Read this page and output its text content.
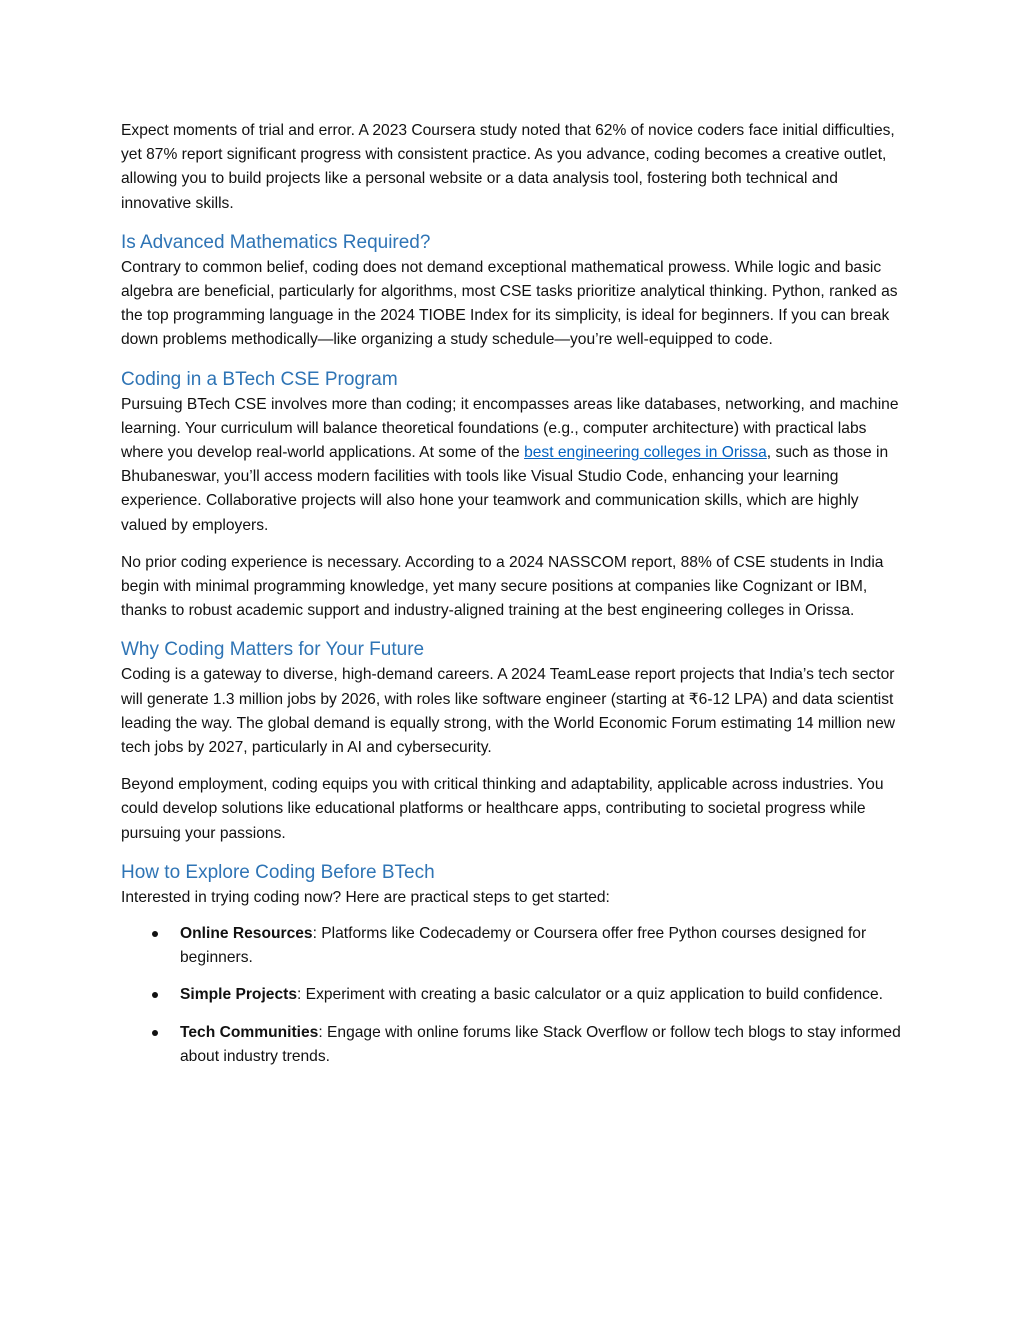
Expect moments of trial and error. A 2023 Coursera study noted that 62% of novice coders face initial difficulties, yet 87% report significant progress with consistent practice. As you advance, coding becomes a creative outlet, allowing you to build projects like a personal website or a data analysis tool, fostering both technical and innovative skills.

Is Advanced Mathematics Required?

Contrary to common belief, coding does not demand exceptional mathematical prowess. While logic and basic algebra are beneficial, particularly for algorithms, most CSE tasks prioritize analytical thinking. Python, ranked as the top programming language in the 2024 TIOBE Index for its simplicity, is ideal for beginners. If you can break down problems methodically—like organizing a study schedule—you’re well-equipped to code.

Coding in a BTech CSE Program

Pursuing BTech CSE involves more than coding; it encompasses areas like databases, networking, and machine learning. Your curriculum will balance theoretical foundations (e.g., computer architecture) with practical labs where you develop real-world applications. At some of the best engineering colleges in Orissa, such as those in Bhubaneswar, you’ll access modern facilities with tools like Visual Studio Code, enhancing your learning experience. Collaborative projects will also hone your teamwork and communication skills, which are highly valued by employers.

No prior coding experience is necessary. According to a 2024 NASSCOM report, 88% of CSE students in India begin with minimal programming knowledge, yet many secure positions at companies like Cognizant or IBM, thanks to robust academic support and industry-aligned training at the best engineering colleges in Orissa.

Why Coding Matters for Your Future

Coding is a gateway to diverse, high-demand careers. A 2024 TeamLease report projects that India’s tech sector will generate 1.3 million jobs by 2026, with roles like software engineer (starting at ₹6-12 LPA) and data scientist leading the way. The global demand is equally strong, with the World Economic Forum estimating 14 million new tech jobs by 2027, particularly in AI and cybersecurity.

Beyond employment, coding equips you with critical thinking and adaptability, applicable across industries. You could develop solutions like educational platforms or healthcare apps, contributing to societal progress while pursuing your passions.

How to Explore Coding Before BTech

Interested in trying coding now? Here are practical steps to get started:

Online Resources: Platforms like Codecademy or Coursera offer free Python courses designed for beginners.
Simple Projects: Experiment with creating a basic calculator or a quiz application to build confidence.
Tech Communities: Engage with online forums like Stack Overflow or follow tech blogs to stay informed about industry trends.
